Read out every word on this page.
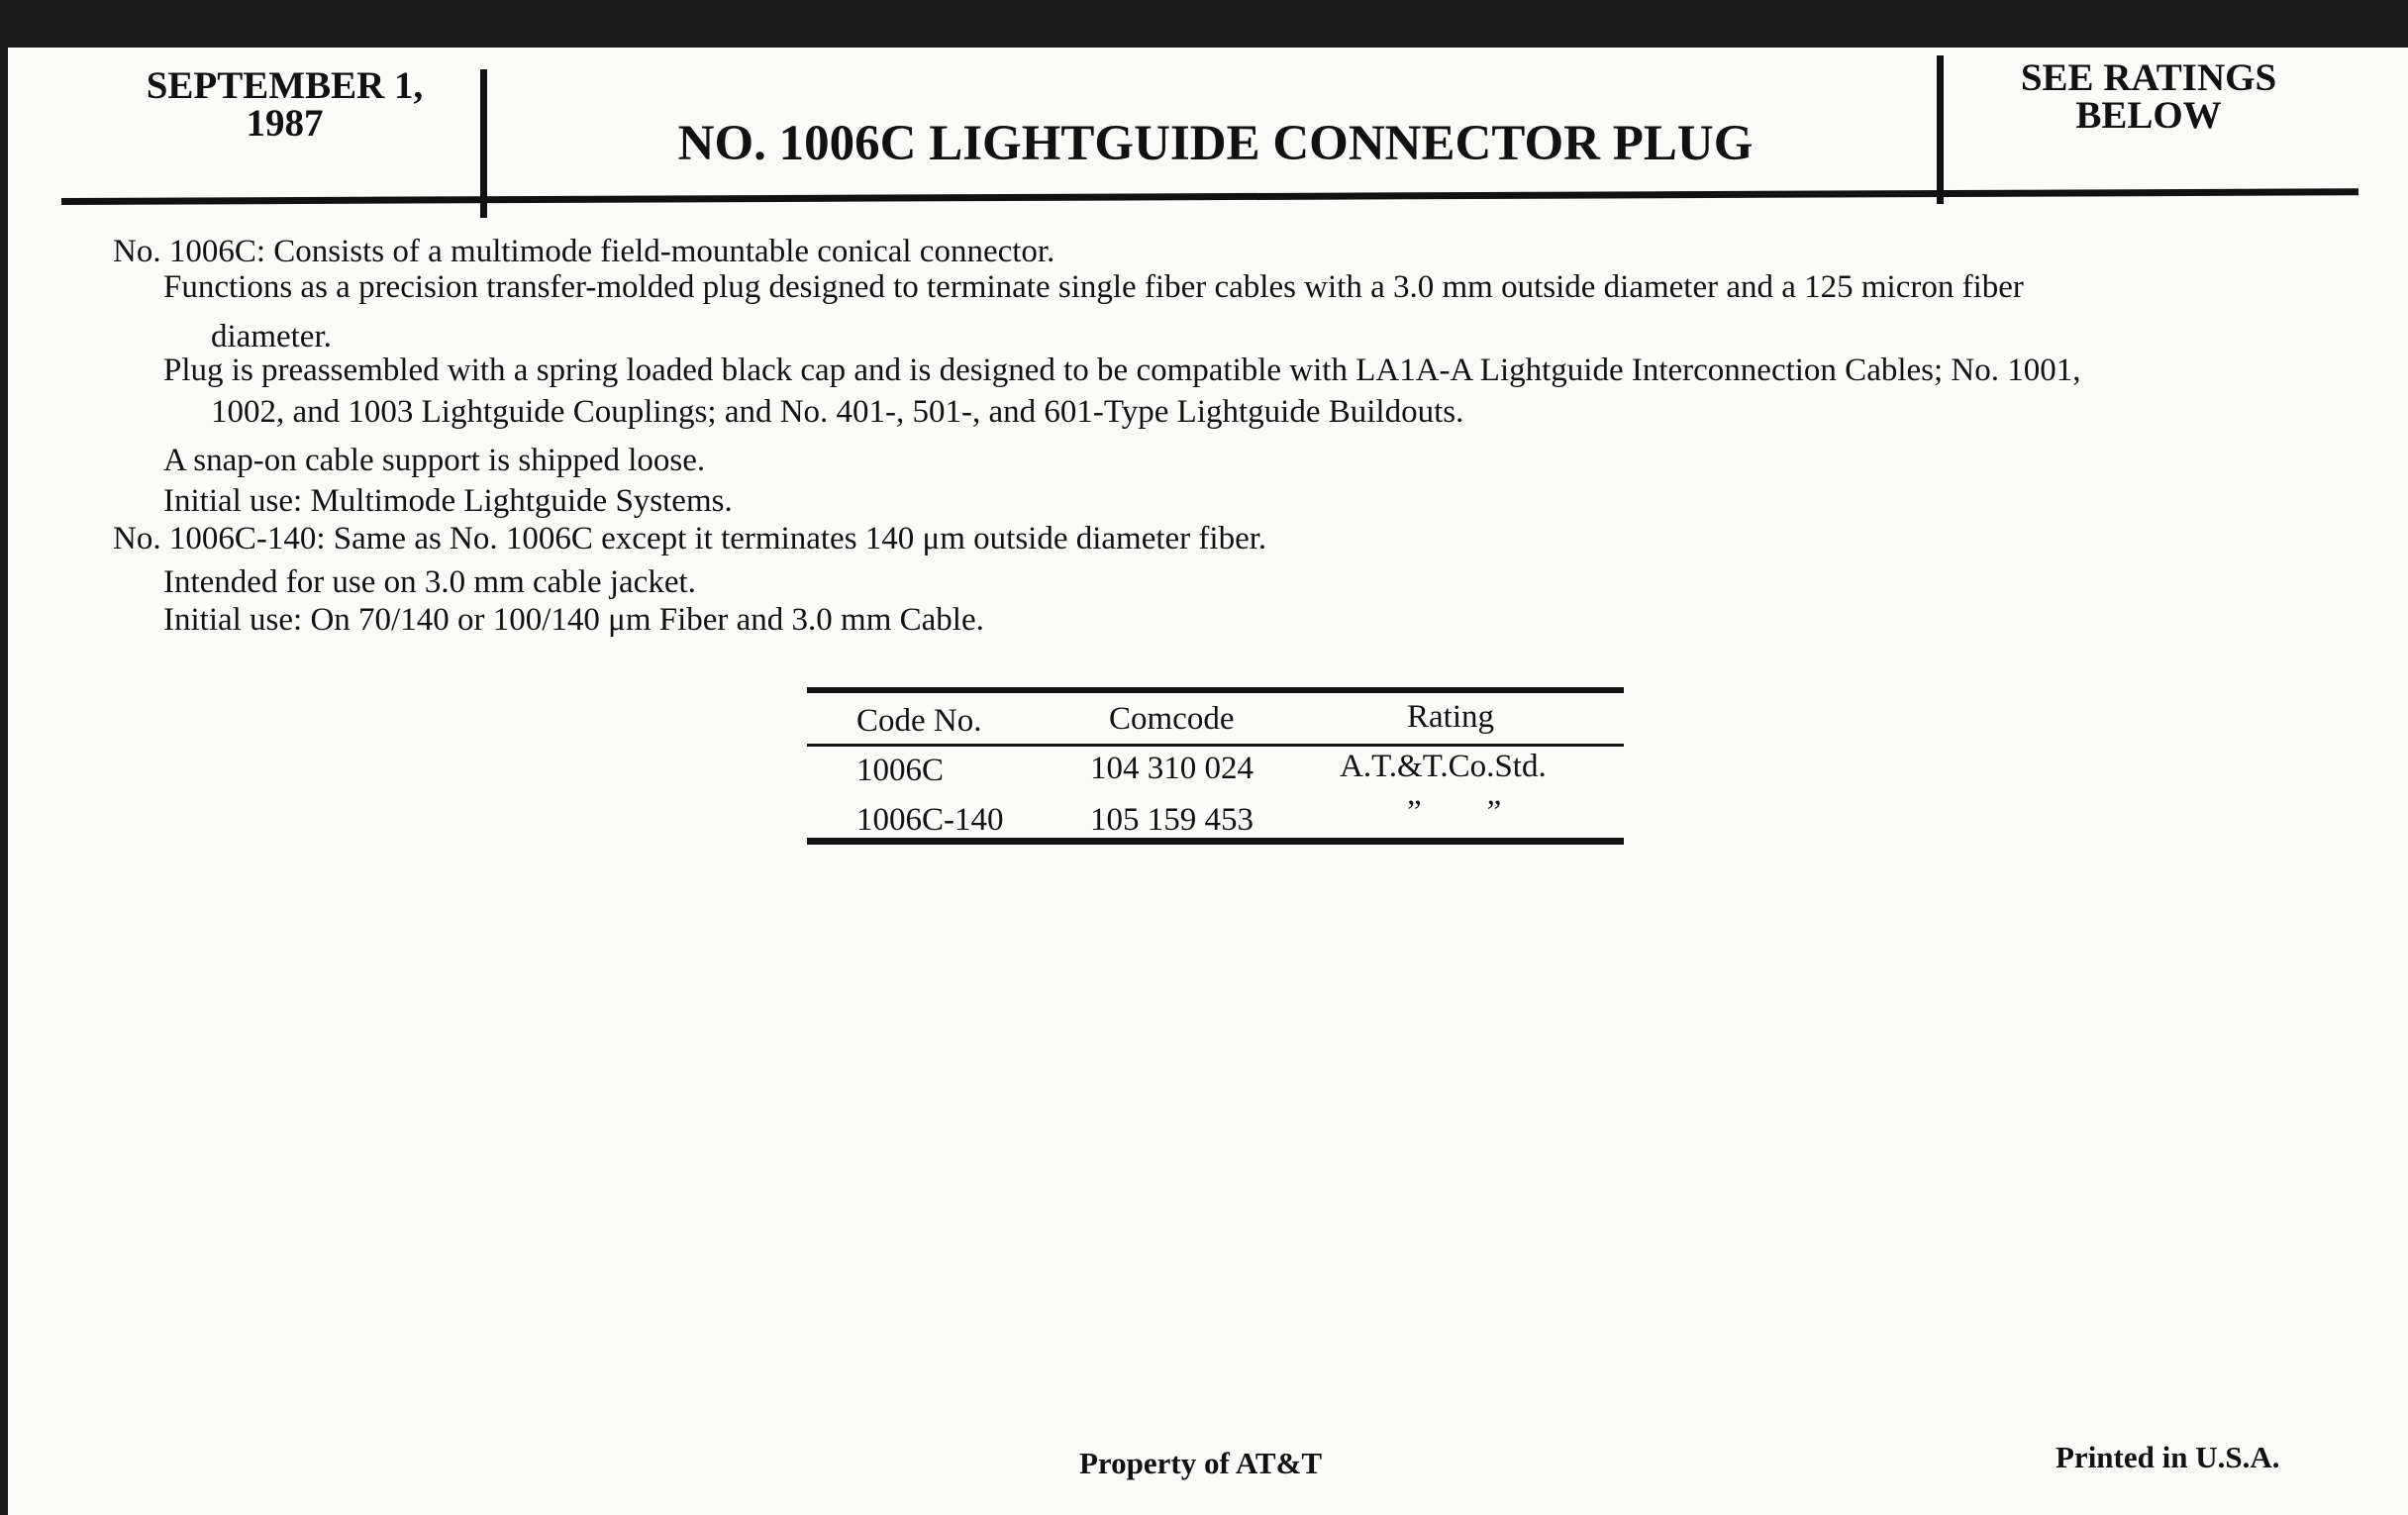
SEPTEMBER 1,
1987	NO. 1006C LIGHTGUIDE CONNECTOR PLUG
SEE RATINGS
BELOW
No. 1006C: Consists of a multimode field-mountable conical connector.
Functions as a precision transfer-molded plug designed to terminate single fiber cables with a 3.0 mm outside diameter and a 125 micron fiber
diameter.
Plug is preassembled with a spring loaded black cap and is designed to be compatible with LA1A-A Lightguide Interconnection Cables; No. 1001,
1002, and 1003 Lightguide Couplings; and No. 401-, 501-, and 601-Type Lightguide Buildouts.
A snap-on cable support is shipped loose.
Initial use: Multimode Lightguide Systems.
No. 1006C-140: Same as No. 1006C except it terminates 140 μm outside diameter fiber.
Intended for use on 3.0 mm cable jacket.
Initial use: On 70/140 or 100/140 μm Fiber and 3.0 mm Cable.
Code No.	Comcode	Rating
1006C	104 310 024	A.T.&T.Co.Std.
1006C-140	105 159 453	”        ”
Property of AT&T	Printed in U.S.A.
